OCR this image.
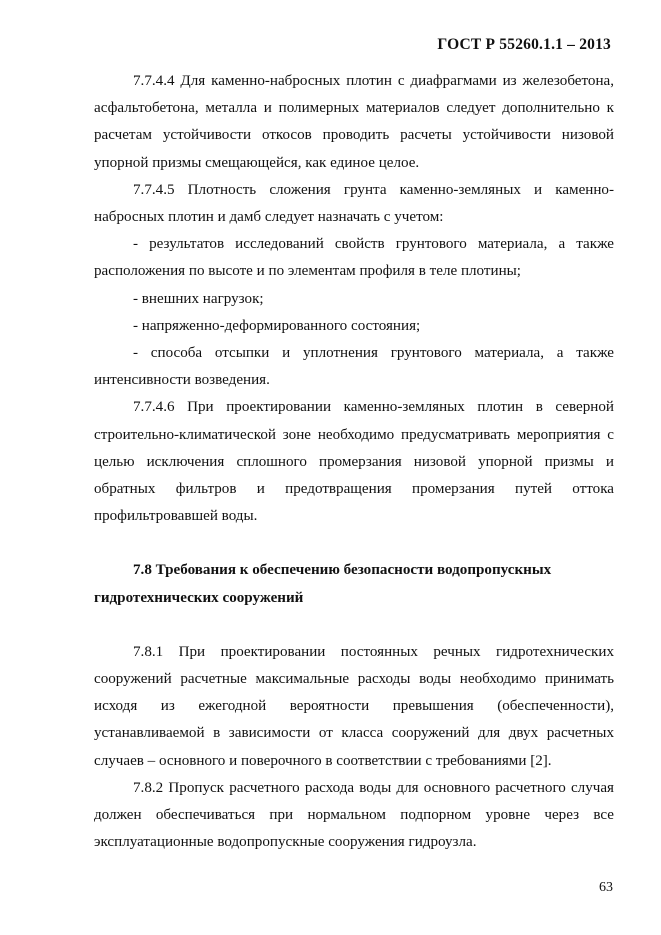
ГОСТ Р 55260.1.1 – 2013

7.7.4.4 Для каменно-набросных плотин с диафрагмами из железобетона, асфальтобетона, металла и полимерных материалов следует дополнительно к расчетам устойчивости откосов проводить расчеты устойчивости низовой упорной призмы смещающейся, как единое целое.

7.7.4.5 Плотность сложения грунта каменно-земляных и каменно-набросных плотин и дамб следует назначать с учетом:

- результатов исследований свойств грунтового материала, а также расположения по высоте и по элементам профиля в теле плотины;

- внешних нагрузок;

- напряженно-деформированного состояния;

- способа отсыпки и уплотнения грунтового материала, а также интенсивности возведения.

7.7.4.6 При проектировании каменно-земляных плотин в северной строительно-климатической зоне необходимо предусматривать мероприятия с целью исключения сплошного промерзания низовой упорной призмы и обратных фильтров и предотвращения промерзания путей оттока профильтровавшей воды.

7.8 Требования к обеспечению безопасности водопропускных

гидротехнических сооружений

7.8.1 При проектировании постоянных речных гидротехнических сооружений расчетные максимальные расходы воды необходимо принимать исходя из ежегодной вероятности превышения (обеспеченности), устанавливаемой в зависимости от класса сооружений для двух расчетных случаев – основного и поверочного в соответствии с требованиями [2].

7.8.2 Пропуск расчетного расхода воды для основного расчетного случая должен обеспечиваться при нормальном подпорном уровне через все эксплуатационные водопропускные сооружения гидроузла.

63
